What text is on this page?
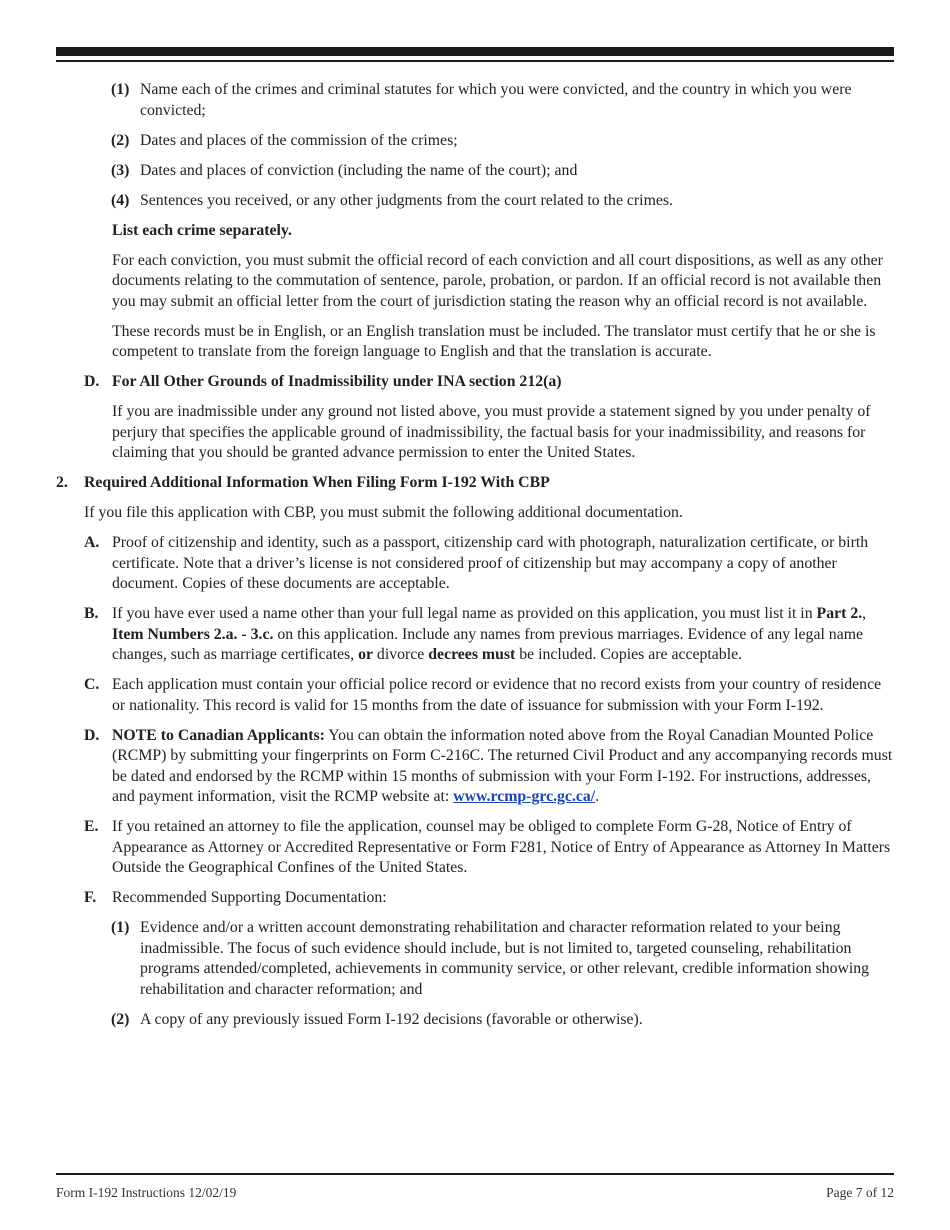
(1) Name each of the crimes and criminal statutes for which you were convicted, and the country in which you were convicted;
(2) Dates and places of the commission of the crimes;
(3) Dates and places of conviction (including the name of the court); and
(4) Sentences you received, or any other judgments from the court related to the crimes.
List each crime separately.
For each conviction, you must submit the official record of each conviction and all court dispositions, as well as any other documents relating to the commutation of sentence, parole, probation, or pardon. If an official record is not available then you may submit an official letter from the court of jurisdiction stating the reason why an official record is not available.
These records must be in English, or an English translation must be included. The translator must certify that he or she is competent to translate from the foreign language to English and that the translation is accurate.
D. For All Other Grounds of Inadmissibility under INA section 212(a)
If you are inadmissible under any ground not listed above, you must provide a statement signed by you under penalty of perjury that specifies the applicable ground of inadmissibility, the factual basis for your inadmissibility, and reasons for claiming that you should be granted advance permission to enter the United States.
2. Required Additional Information When Filing Form I-192 With CBP
If you file this application with CBP, you must submit the following additional documentation.
A. Proof of citizenship and identity, such as a passport, citizenship card with photograph, naturalization certificate, or birth certificate. Note that a driver’s license is not considered proof of citizenship but may accompany a copy of another document. Copies of these documents are acceptable.
B. If you have ever used a name other than your full legal name as provided on this application, you must list it in Part 2., Item Numbers 2.a. - 3.c. on this application. Include any names from previous marriages. Evidence of any legal name changes, such as marriage certificates, or divorce decrees must be included. Copies are acceptable.
C. Each application must contain your official police record or evidence that no record exists from your country of residence or nationality. This record is valid for 15 months from the date of issuance for submission with your Form I-192.
D. NOTE to Canadian Applicants: You can obtain the information noted above from the Royal Canadian Mounted Police (RCMP) by submitting your fingerprints on Form C-216C. The returned Civil Product and any accompanying records must be dated and endorsed by the RCMP within 15 months of submission with your Form I-192. For instructions, addresses, and payment information, visit the RCMP website at: www.rcmp-grc.gc.ca/.
E. If you retained an attorney to file the application, counsel may be obliged to complete Form G-28, Notice of Entry of Appearance as Attorney or Accredited Representative or Form F281, Notice of Entry of Appearance as Attorney In Matters Outside the Geographical Confines of the United States.
F. Recommended Supporting Documentation:
(1) Evidence and/or a written account demonstrating rehabilitation and character reformation related to your being inadmissible. The focus of such evidence should include, but is not limited to, targeted counseling, rehabilitation programs attended/completed, achievements in community service, or other relevant, credible information showing rehabilitation and character reformation; and
(2) A copy of any previously issued Form I-192 decisions (favorable or otherwise).
Form I-192 Instructions 12/02/19	Page 7 of 12
